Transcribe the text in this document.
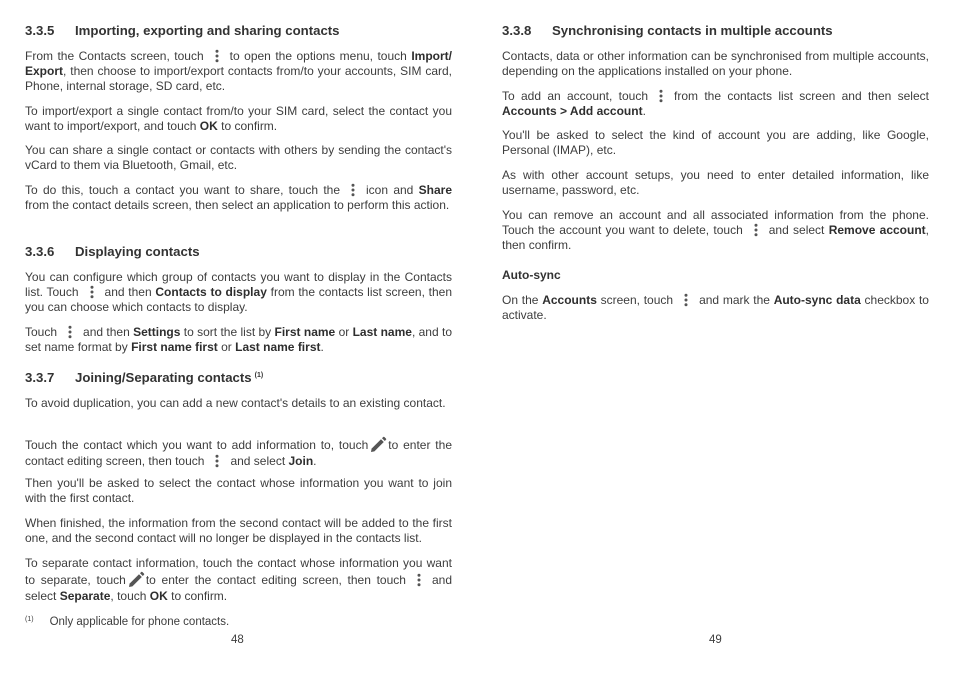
3.3.5 Importing, exporting and sharing contacts

From the Contacts screen, touch to open the options menu, touch Import/ Export, then choose to import/export contacts from/to your accounts, SIM card, Phone, internal storage, SD card, etc.

To import/export a single contact from/to your SIM card, select the contact you want to import/export, and touch OK to confirm.

You can share a single contact or contacts with others by sending the contact's vCard to them via Bluetooth, Gmail, etc.

To do this, touch a contact you want to share, touch the icon and Share from the contact details screen, then select an application to perform this action.

3.3.6 Displaying contacts

You can configure which group of contacts you want to display in the Contacts list. Touch and then Contacts to display from the contacts list screen, then you can choose which contacts to display.

Touch and then Settings to sort the list by First name or Last name, and to set name format by First name first or Last name first.

3.3.7 Joining/Separating contacts $^{(1)}$

To avoid duplication, you can add a new contact's details to an existing contact.

Touch the contact which you want to add information to, touch to enter the contact editing screen, then touch and select Join.

Then you'll be asked to select the contact whose information you want to join with the first contact.

When finished, the information from the second contact will be added to the first one, and the second contact will no longer be displayed in the contacts list.

To separate contact information, touch the contact whose information you want to separate, touch to enter the contact editing screen, then touch and select Separate, touch OK to confirm.

$^{(1)}$ Only applicable for phone contacts.
48
3.3.8 Synchronising contacts in multiple accounts

Contacts, data or other information can be synchronised from multiple accounts, depending on the applications installed on your phone.

To add an account, touch from the contacts list screen and then select Accounts > Add account.

You'll be asked to select the kind of account you are adding, like Google, Personal (IMAP), etc.

As with other account setups, you need to enter detailed information, like username, password, etc.

You can remove an account and all associated information from the phone. Touch the account you want to delete, touch and select Remove account, then confirm.

Auto-sync

On the Accounts screen, touch and mark the Auto-sync data checkbox to activate.

49
